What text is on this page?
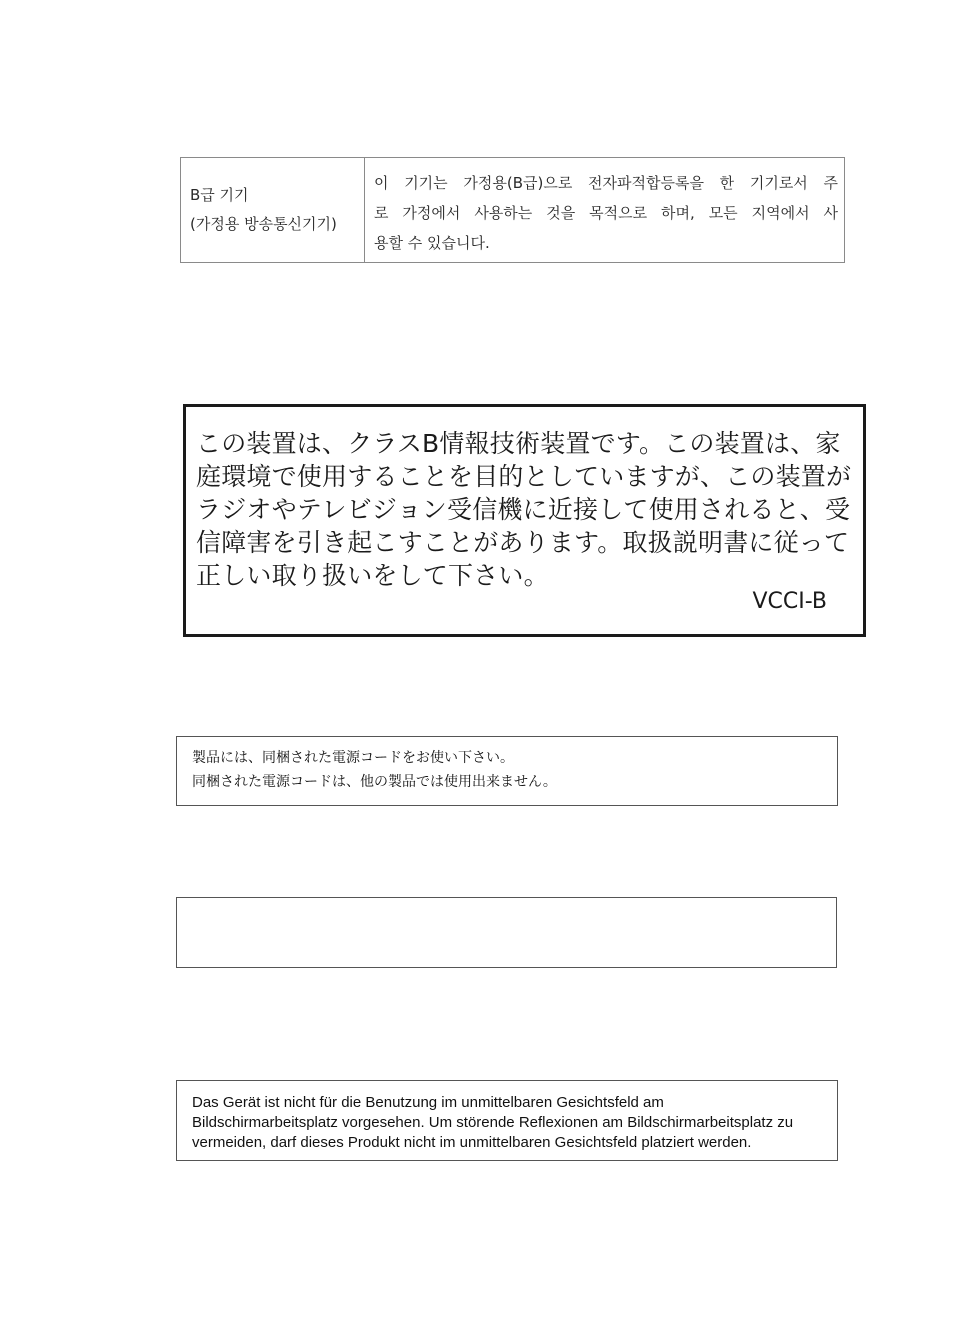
B급 기기
(가정용 방송통신기기)
이 기기는 가정용(B급)으로 전자파적합등록을 한 기기로서 주
로 가정에서 사용하는 것을 목적으로 하며, 모든 지역에서 사
용할 수 있습니다.
この装置は、クラスB情報技術装置です。この装置は、家
庭環境で使用することを目的としていますが、この装置が
ラジオやテレビジョン受信機に近接して使用されると、受
信障害を引き起こすことがあります。取扱説明書に従って
正しい取り扱いをして下さい。
VCCI-B
製品には、同梱された電源コードをお使い下さい。
同梱された電源コードは、他の製品では使用出来ません。
Das Gerät ist nicht für die Benutzung im unmittelbaren Gesichtsfeld am
Bildschirmarbeitsplatz vorgesehen. Um störende Reflexionen am Bildschirmarbeitsplatz zu
vermeiden, darf dieses Produkt nicht im unmittelbaren Gesichtsfeld platziert werden.
